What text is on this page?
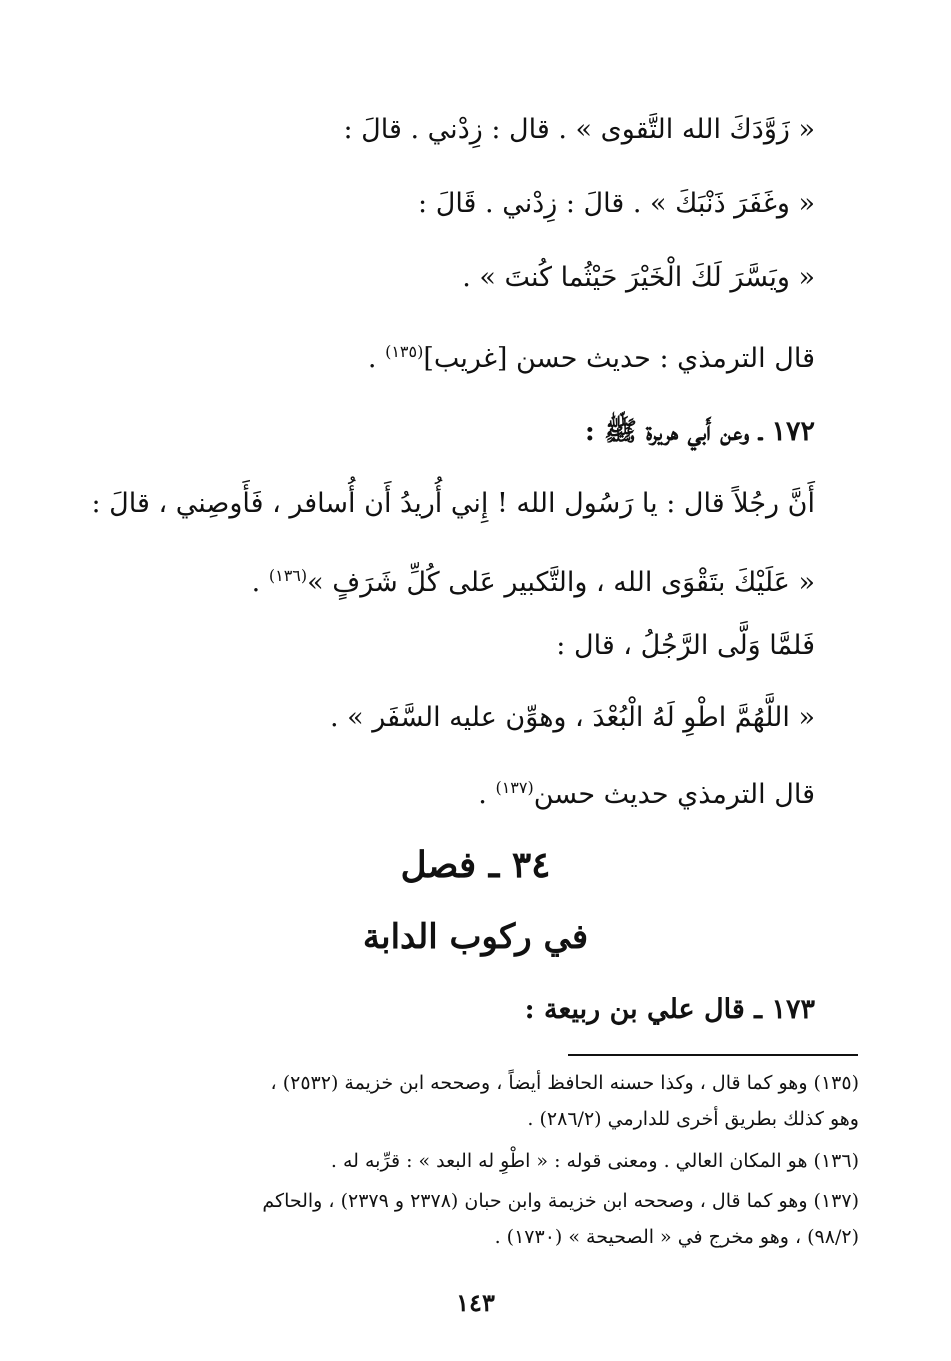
« زَوَّدَكَ الله التَّقوى » . قال : زِدْني . قالَ :
« وغَفَرَ ذَنْبَكَ » . قالَ : زِدْني . قَالَ :
« ويَسَّرَ لَكَ الْخَيْرَ حَيْثُما كُنتَ » .
قال الترمذي : حديث حسن [غريب]$^{(١٣٥)}$ .
١٧٢ ـ وعن أَبي هريرة ﷺ :
أَنَّ رجُلاً قال : يا رَسُول الله ! إِني أُريدُ أَن أُسافر ، فَأَوصِني ، قالَ :
« عَلَيْكَ بتَقْوَى الله ، والتَّكبير عَلى كُلِّ شَرَفٍ »$^{(١٣٦)}$ .
فَلمَّا وَلَّى الرَّجُلُ ، قال :
« اللَّهُمَّ اطْوِ لَهُ الْبُعْدَ ، وهوِّن عليه السَّفَر » .
قال الترمذي حديث حسن$^{(١٣٧)}$ .
٣٤ ـ فصل
في ركوب الدابة
١٧٣ ـ قال علي بن ربيعة :
(١٣٥) وهو كما قال ، وكذا حسنه الحافظ أيضاً ، وصححه ابن خزيمة (٢٥٣٢) ،
وهو كذلك بطريق أخرى للدارمي (٢٨٦/٢) .
(١٣٦) هو المكان العالي . ومعنى قوله : « اطْوِ له البعد » : قرِّبه له .
(١٣٧) وهو كما قال ، وصححه ابن خزيمة وابن حبان (٢٣٧٨ و ٢٣٧٩) ، والحاكم
(٩٨/٢) ، وهو مخرج في « الصحيحة » (١٧٣٠) .
١٤٣
